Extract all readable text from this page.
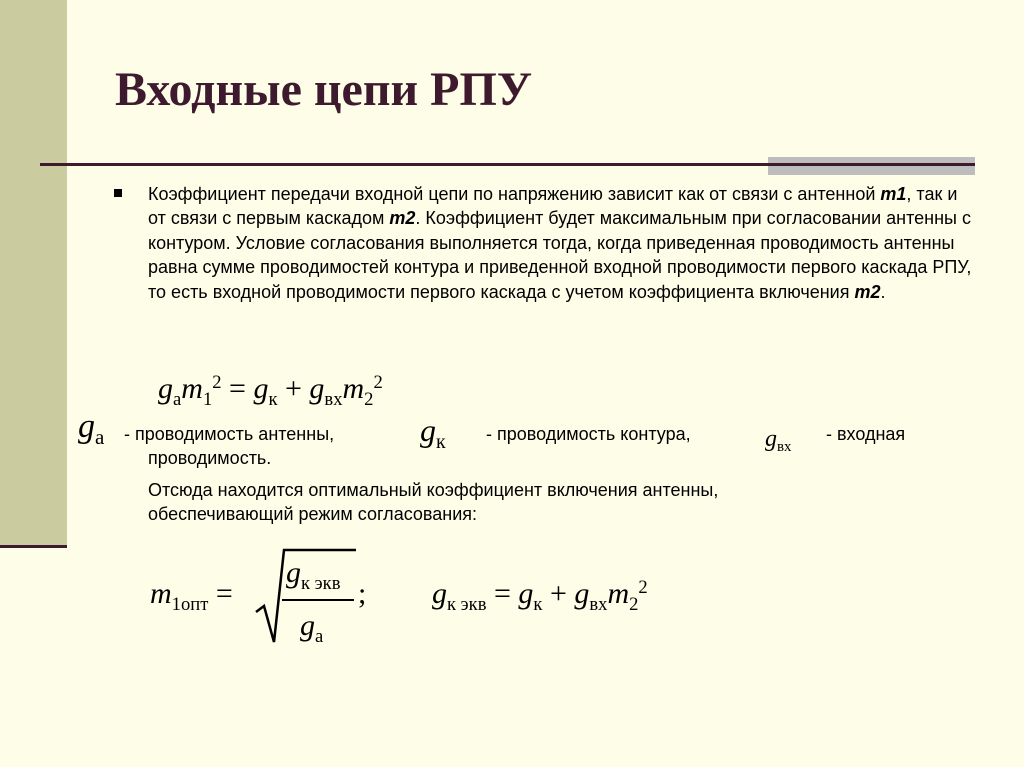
Входные цепи РПУ

Коэффициент передачи входной цепи по напряжению зависит как от связи с антенной m1, так и от связи с первым каскадом m2. Коэффициент будет максимальным при согласовании антенны с контуром. Условие согласования выполняется тогда, когда приведенная проводимость антенны равна сумме проводимостей контура и приведенной входной проводимости первого каскада РПУ, то есть входной проводимости первого каскада с учетом коэффициента включения m2.

$g_аm_1^2 = g_к + g_{вх}m_2^2$
$g_а$ - проводимость антенны,	$g_к$ - проводимость контура,	$g_{вх}$
- входная
проводимость.
Отсюда находится оптимальный коэффициент включения антенны,
обеспечивающий режим согласования:
$m_{1опт}$ =
$g_{к экв}$
$g_а$
; $g_{к экв} = g_к + g_{вх}m_2^2$
